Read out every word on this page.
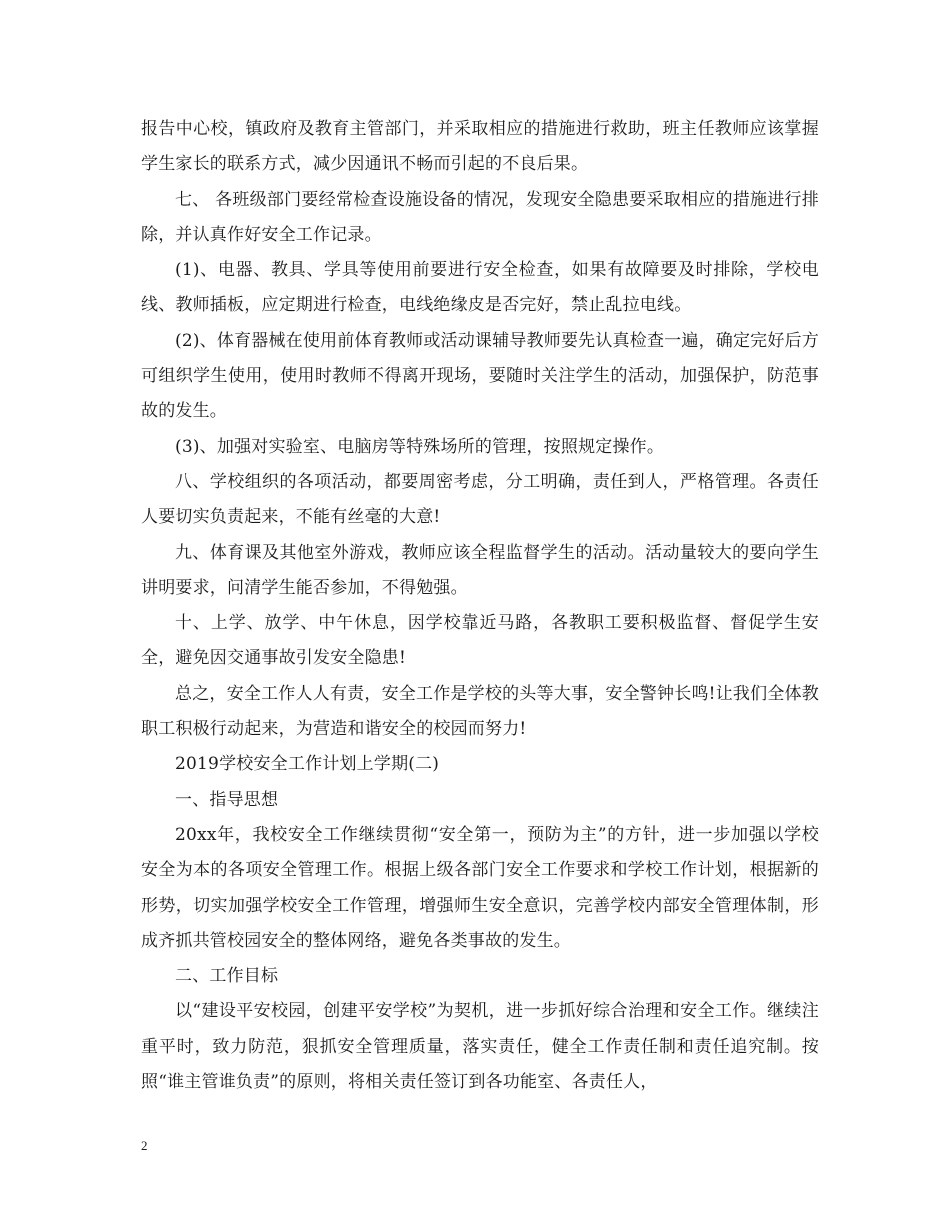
报告中心校，镇政府及教育主管部门，并采取相应的措施进行救助，班主任教师应该掌握学生家长的联系方式，减少因通讯不畅而引起的不良后果。

七、 各班级部门要经常检查设施设备的情况，发现安全隐患要采取相应的措施进行排除，并认真作好安全工作记录。

(1)、电器、教具、学具等使用前要进行安全检查，如果有故障要及时排除，学校电线、教师插板，应定期进行检查，电线绝缘皮是否完好，禁止乱拉电线。

(2)、体育器械在使用前体育教师或活动课辅导教师要先认真检查一遍，确定完好后方可组织学生使用，使用时教师不得离开现场，要随时关注学生的活动，加强保护，防范事故的发生。

(3)、加强对实验室、电脑房等特殊场所的管理，按照规定操作。

八、学校组织的各项活动，都要周密考虑，分工明确，责任到人，严格管理。各责任人要切实负责起来，不能有丝毫的大意!

九、体育课及其他室外游戏，教师应该全程监督学生的活动。活动量较大的要向学生讲明要求，问清学生能否参加，不得勉强。

十、上学、放学、中午休息，因学校靠近马路，各教职工要积极监督、督促学生安全，避免因交通事故引发安全隐患!

总之，安全工作人人有责，安全工作是学校的头等大事，安全警钟长鸣!让我们全体教职工积极行动起来，为营造和谐安全的校园而努力!

2019学校安全工作计划上学期(二)

一、指导思想

20xx年，我校安全工作继续贯彻“安全第一，预防为主”的方针，进一步加强以学校安全为本的各项安全管理工作。根据上级各部门安全工作要求和学校工作计划，根据新的形势，切实加强学校安全工作管理，增强师生安全意识，完善学校内部安全管理体制，形成齐抓共管校园安全的整体网络，避免各类事故的发生。

二、工作目标

以“建设平安校园，创建平安学校”为契机，进一步抓好综合治理和安全工作。继续注重平时，致力防范，狠抓安全管理质量，落实责任，健全工作责任制和责任追究制。按照“谁主管谁负责”的原则，将相关责任签订到各功能室、各责任人，

2
